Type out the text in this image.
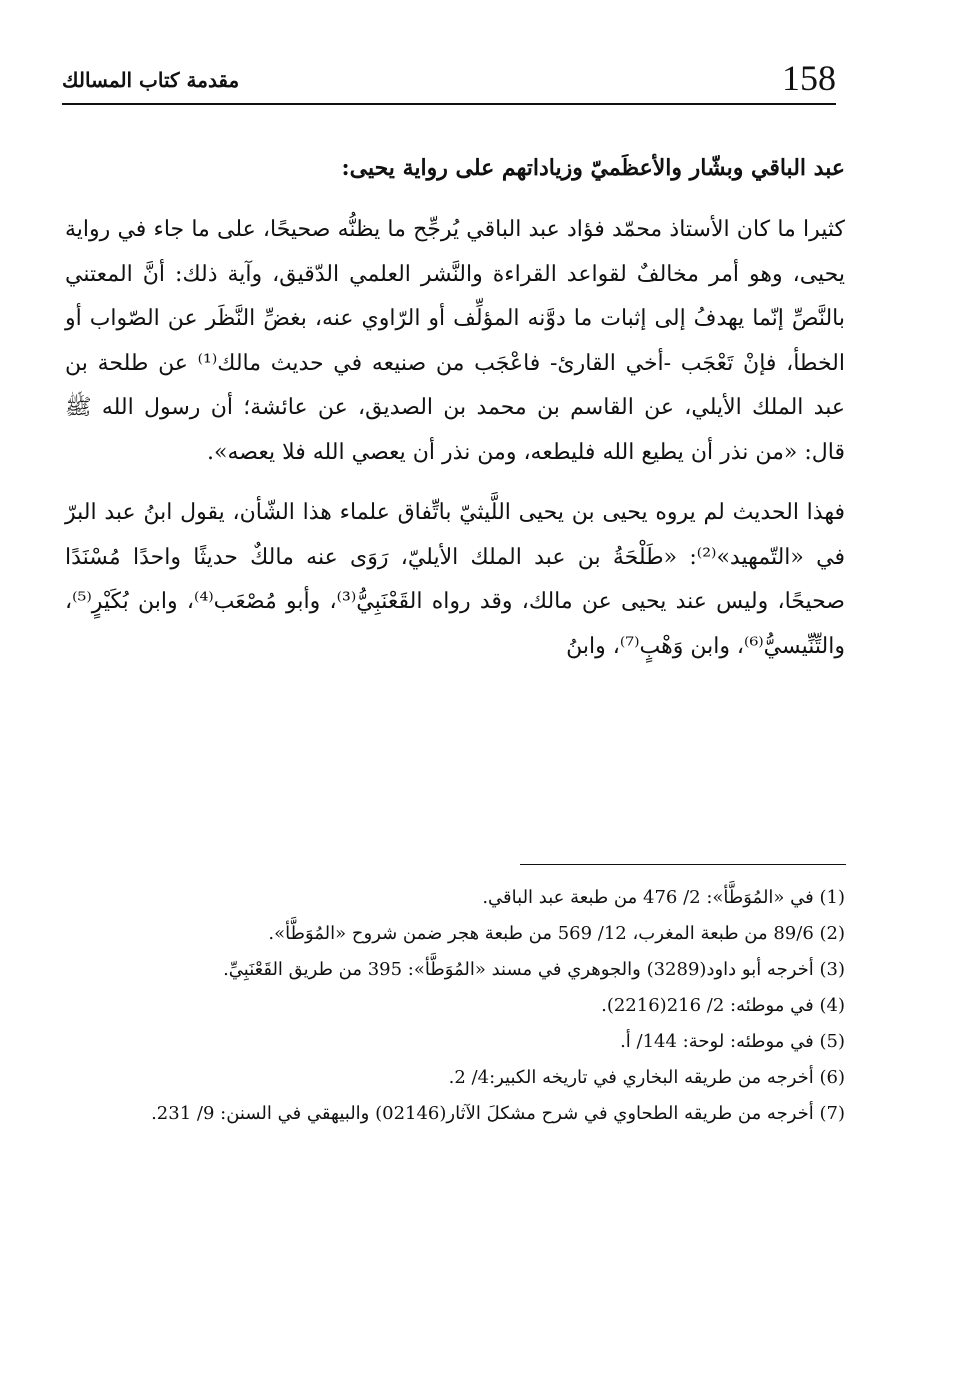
158
مقدمة كتاب المسالك
عبد الباقي وبشّار والأعظَميّ وزياداتهم على رواية يحيى:

كثيرا ما كان الأستاذ محمّد فؤاد عبد الباقي يُرجِّح ما يظنُّه صحيحًا، على ما جاء في رواية يحيى، وهو أمر مخالفٌ لقواعد القراءة والنَّشر العلمي الدّقيق، وآية ذلك: أنَّ المعتني بالنَّصِّ إنّما يهدفُ إلى إثبات ما دوَّنه المؤلِّف أو الرّاوي عنه، بغضِّ النَّظَر عن الصّواب أو الخطأ، فإنْ تَعْجَب -أخي القارئ- فاعْجَب من صنيعه في حديث مالك⁽¹⁾ عن طلحة بن عبد الملك الأيلي، عن القاسم بن محمد بن الصديق، عن عائشة؛ أن رسول الله ﷺ قال: «من نذر أن يطيع الله فليطعه، ومن نذر أن يعصي الله فلا يعصه».

فهذا الحديث لم يروه يحيى بن يحيى اللَّيثيّ باتِّفاق علماء هذا الشّأن، يقول ابنُ عبد البرّ في «التّمهيد»⁽²⁾: «طَلْحَةُ بن عبد الملك الأيليّ، رَوَى عنه مالكٌ حديثًا واحدًا مُسْنَدًا صحيحًا، وليس عند يحيى عن مالك، وقد رواه القَعْنَبِيُّ⁽³⁾، وأبو مُصْعَب⁽⁴⁾، وابن بُكَيْرٍ⁽⁵⁾، والتِّنِّيسيُّ⁽⁶⁾، وابن وَهْبٍ⁽⁷⁾، وابنُ

(1) في «المُوَطَّأ»: 2/ 476 من طبعة عبد الباقي.

(2) 89/6 من طبعة المغرب، 12/ 569 من طبعة هجر ضمن شروح «المُوَطَّأ».

(3) أخرجه أبو داود(3289) والجوهري في مسند «المُوَطَّأ»: 395 من طريق القَعْنَبِيِّ.

(4) في موطئه: 2/ 216(2216).

(5) في موطئه: لوحة: 144/ أ.

(6) أخرجه من طريقه البخاري في تاريخه الكبير:4/ 2.

(7) أخرجه من طريقه الطحاوي في شرح مشكلَ الآثار(02146) والبيهقي في السنن: 9/ 231.
